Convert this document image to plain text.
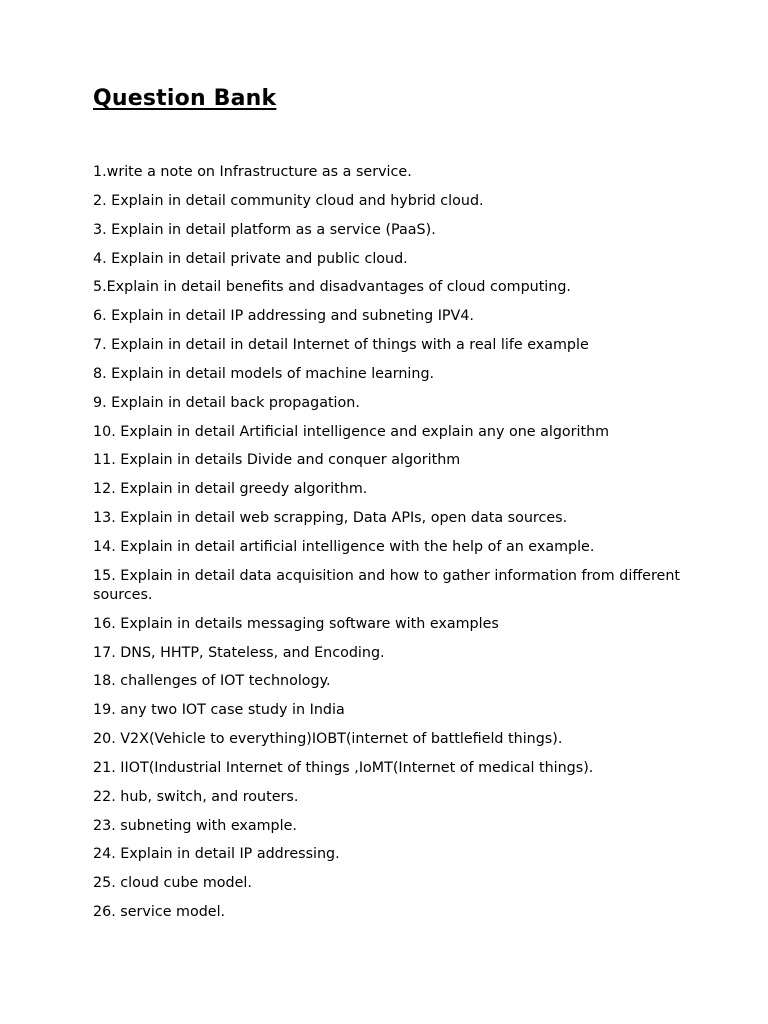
Question Bank
1.write a note on Infrastructure as a service.
2. Explain in detail community cloud and hybrid cloud.
3. Explain in detail platform as a service (PaaS).
4. Explain in detail private and public cloud.
5.Explain in detail benefits and disadvantages of cloud computing.
6. Explain in detail IP addressing and subneting IPV4.
7. Explain in detail in detail Internet of things with a real life example
8. Explain in detail models of machine learning.
9. Explain in detail back propagation.
10. Explain in detail Artificial intelligence and explain any one algorithm
11. Explain in details Divide and conquer algorithm
12. Explain in detail greedy algorithm.
13. Explain in detail web scrapping, Data APIs, open data sources.
14. Explain in detail artificial intelligence with the help of an example.
15. Explain in detail data acquisition and how to gather information from different sources.
16. Explain in details messaging software with examples
17. DNS, HHTP, Stateless, and Encoding.
18. challenges of IOT technology.
19. any two IOT case study in India
20. V2X(Vehicle to everything)IOBT(internet of battlefield things).
21. IIOT(Industrial Internet of things ,IoMT(Internet of medical things).
22. hub, switch, and routers.
23. subneting with example.
24. Explain in detail IP addressing.
25. cloud cube model.
26. service model.
